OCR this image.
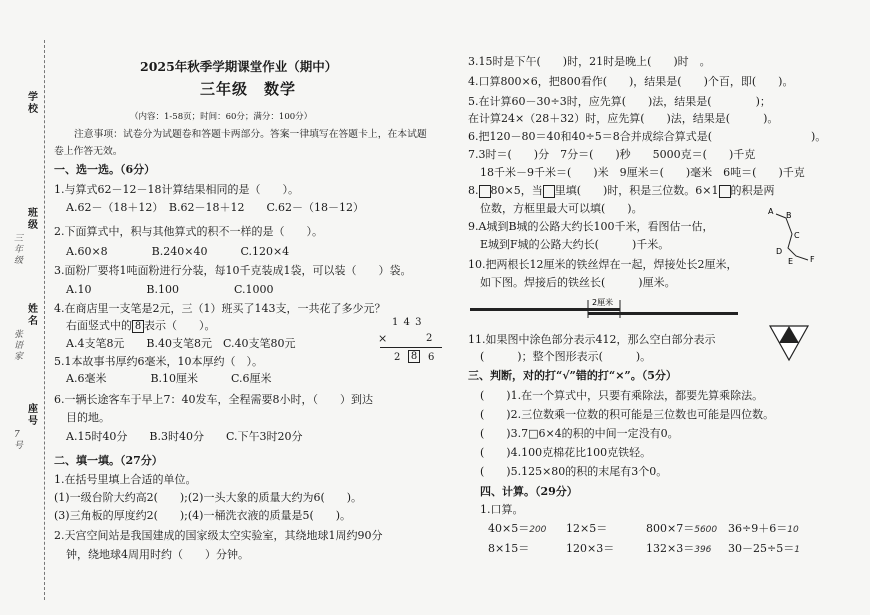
学校
班级
三年级
姓名
张语家
座号
7号
2025年秋季学期课堂作业（期中）
三年级　数学
（内容：1-58页；时间：60分；满分：100分）
注意事项：试卷分为试题卷和答题卡两部分。答案一律填写在答题卡上，在本试题
卷上作答无效。
一、选一选。（6分）
1.与算式62－12－18计算结果相同的是（　　）。
A.62－（18＋12）　B.62－18＋12　　C.62－（18－12）
2.下面算式中，积与其他算式的积不一样的是（　　）。
A.60×8　　　　B.240×40　　　C.120×4
3.面粉厂要将1吨面粉进行分装，每10千克装成1袋，可以装（　　）袋。
A.10　　　　　B.100　　　　　C.1000
4.在商店里一支笔是2元，三（1）班买了143支，一共花了多少元？
右面竖式中的 8 表示（　　）。
A.4支笔8元　　B.40支笔8元　C.40支笔80元
1 4 3
×	2
2 8 6
5.1本故事书厚约6毫米，10本厚约（　）。
A.6毫米　　　　B.10厘米　　　C.6厘米
6.一辆长途客车于早上7：40发车，全程需要8小时，（　　）到达
目的地。
A.15时40分　　B.3时40分　　C.下午3时20分
二、填一填。（27分）
1.在括号里填上合适的单位。
(1)一级台阶大约高2(　　);(2)一头大象的质量大约为6(　　)。
(3)三角板的厚度约2(　　);(4)一桶洗衣液的质量是5(　　)。
2.天宫空间站是我国建成的国家级太空实验室，其绕地球1周约90分
钟，绕地球4周用时约（　　）分钟。
3.15时是下午(　　)时，21时是晚上(　　)时　。
4.口算800×6，把800看作(　　)，结果是(　　)个百，即(　　)。
5.在计算60－30÷3时，应先算(　　)法，结果是(　　　　)；
在计算24×（28＋32）时，应先算(　　)法，结果是(　　　)。
6.把120－80＝40和40÷5＝8合并成综合算式是(　　　　　　　　　)。
7.3时＝(　　)分　7分＝(　　)秒　　5000克＝(　　)千克
18千米－9千米＝(　　)米　9厘米＝(　　)毫米　6吨＝(　　)千克
8. 80×5，当 里填(　　)时，积是三位数。6×1 的积是两
位数，方框里最大可以填(　　)。
9.A城到B城的公路大约长100千米，看图估一估，
E城到F城的公路大约长(　　　)千米。
A B
C
D
E F
10.把两根长12厘米的铁丝焊在一起，焊接处长2厘米，
如下图。焊接后的铁丝长(　　　)厘米。
2厘米
11.如果图中涂色部分表示412，那么空白部分表示
(　　　)；整个图形表示(　　　)。
三、判断，对的打“√”错的打“×”。（5分）
(　　)1.在一个算式中，只要有乘除法，都要先算乘除法。
(　　)2.三位数乘一位数的积可能是三位数也可能是四位数。
(　　)3.7□6×4的积的中间一定没有0。
(　　)4.100克棉花比100克铁轻。
(　　)5.125×80的积的末尾有3个0。
四、计算。（29分）
1.口算。
40×5＝200 12×5＝	800×7＝5600 36÷9＋6＝10
8×15＝	120×3＝	132×3＝396 30－25÷5＝1
